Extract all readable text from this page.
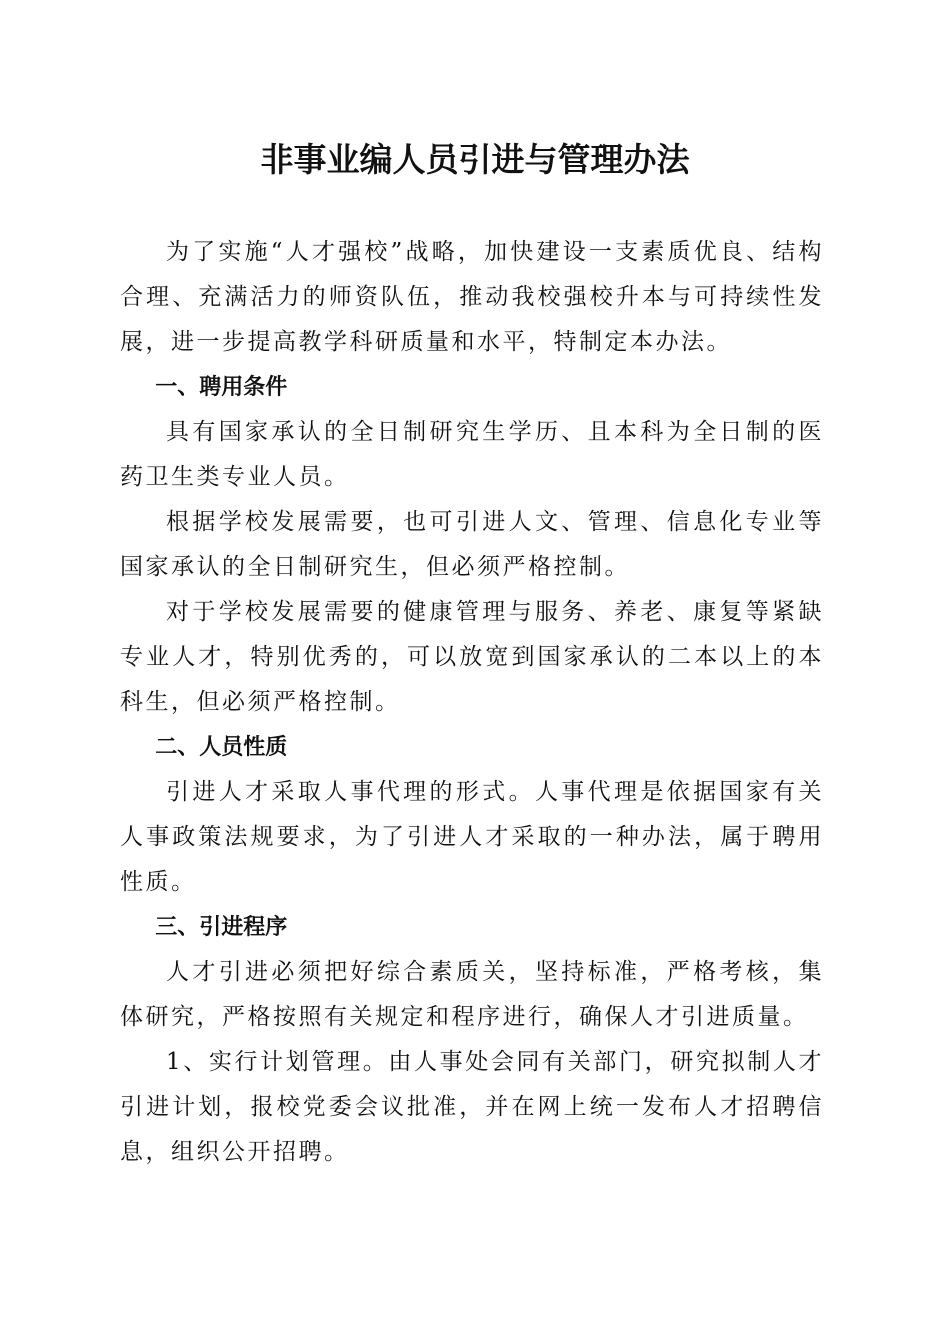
非事业编人员引进与管理办法

为了实施“人才强校”战略，加快建设一支素质优良、结构合理、充满活力的师资队伍，推动我校强校升本与可持续性发展，进一步提高教学科研质量和水平，特制定本办法。

一、聘用条件

具有国家承认的全日制研究生学历、且本科为全日制的医药卫生类专业人员。

根据学校发展需要，也可引进人文、管理、信息化专业等国家承认的全日制研究生，但必须严格控制。

对于学校发展需要的健康管理与服务、养老、康复等紧缺专业人才，特别优秀的，可以放宽到国家承认的二本以上的本科生，但必须严格控制。

二、人员性质

引进人才采取人事代理的形式。人事代理是依据国家有关人事政策法规要求，为了引进人才采取的一种办法，属于聘用性质。

三、引进程序

人才引进必须把好综合素质关，坚持标准，严格考核，集体研究，严格按照有关规定和程序进行，确保人才引进质量。

1、实行计划管理。由人事处会同有关部门，研究拟制人才引进计划，报校党委会议批准，并在网上统一发布人才招聘信息，组织公开招聘。
